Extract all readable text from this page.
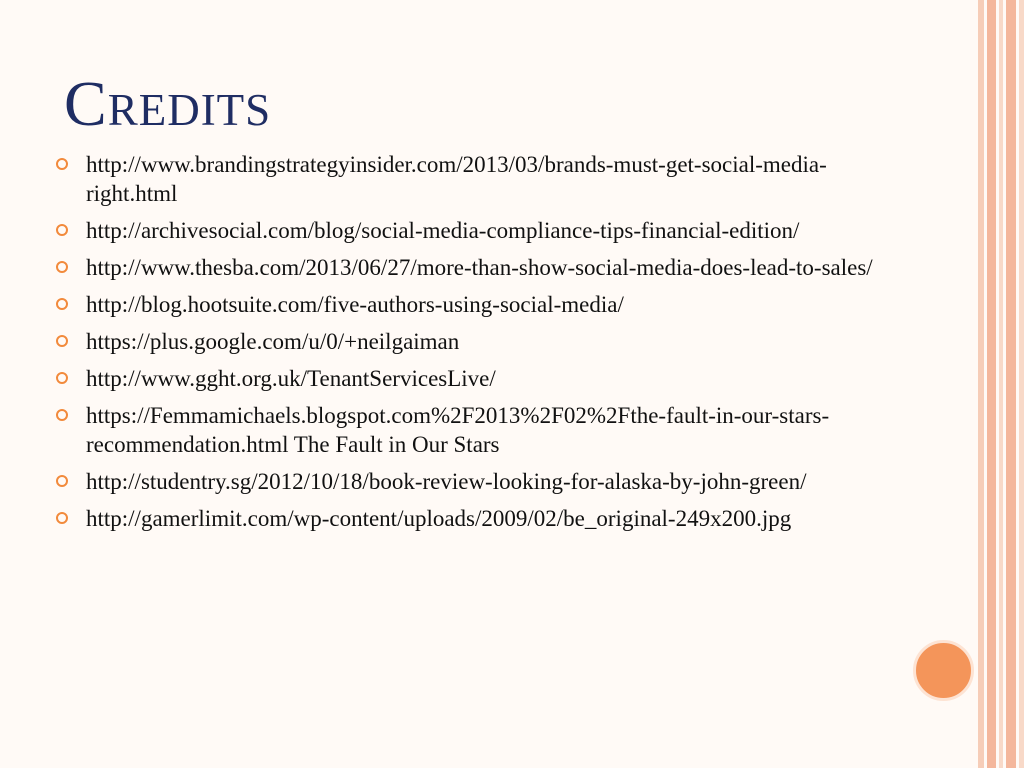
Credits
http://www.brandingstrategyinsider.com/2013/03/brands-must-get-social-media-right.html
http://archivesocial.com/blog/social-media-compliance-tips-financial-edition/
http://www.thesba.com/2013/06/27/more-than-show-social-media-does-lead-to-sales/
http://blog.hootsuite.com/five-authors-using-social-media/
https://plus.google.com/u/0/+neilgaiman
http://www.gght.org.uk/TenantServicesLive/
https://Femmamichaels.blogspot.com%2F2013%2F02%2Fthe-fault-in-our-stars-recommendation.html The Fault in Our Stars
http://studentry.sg/2012/10/18/book-review-looking-for-alaska-by-john-green/
http://gamerlimit.com/wp-content/uploads/2009/02/be_original-249x200.jpg
